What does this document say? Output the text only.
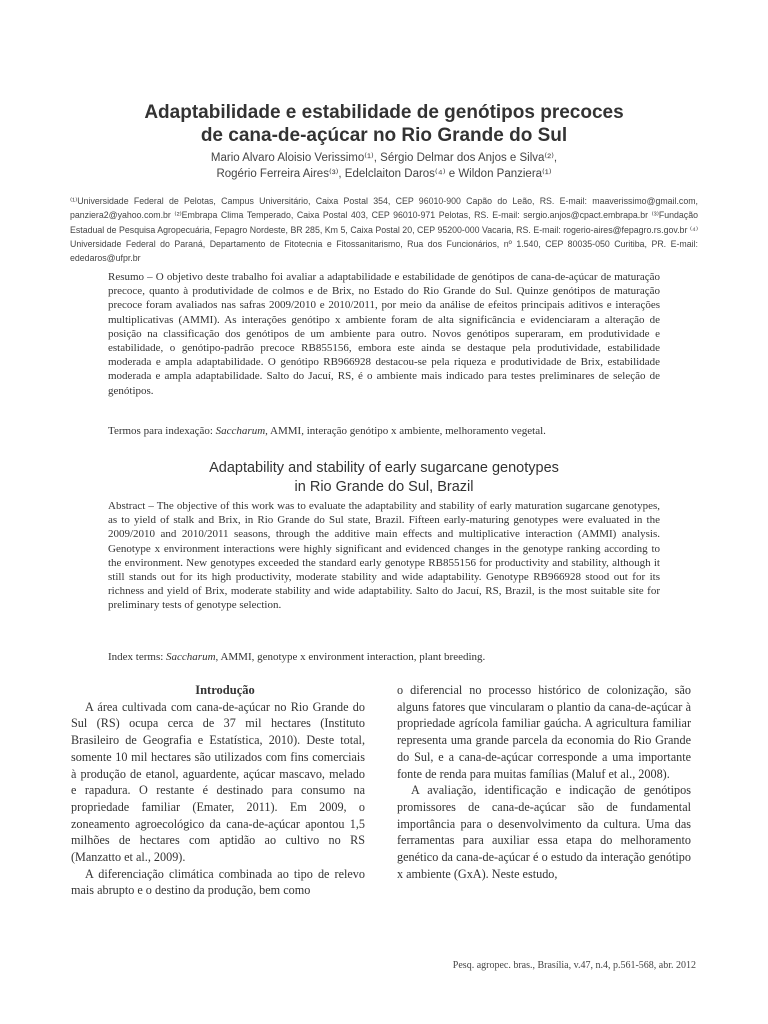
Adaptabilidade e estabilidade de genótipos precoces
de cana-de-açúcar no Rio Grande do Sul
Mario Alvaro Aloisio Verissimo⁽¹⁾, Sérgio Delmar dos Anjos e Silva⁽²⁾,
Rogério Ferreira Aires⁽³⁾, Edelclaiton Daros⁽⁴⁾ e Wildon Panziera⁽¹⁾
⁽¹⁾Universidade Federal de Pelotas, Campus Universitário, Caixa Postal 354, CEP 96010-900 Capão do Leão, RS. E-mail: maaverissimo@gmail.com, panziera2@yahoo.com.br ⁽²⁾Embrapa Clima Temperado, Caixa Postal 403, CEP 96010-971 Pelotas, RS. E-mail: sergio.anjos@cpact.embrapa.br ⁽³⁾Fundação Estadual de Pesquisa Agropecuária, Fepagro Nordeste, BR 285, Km 5, Caixa Postal 20, CEP 95200-000 Vacaria, RS. E-mail: rogerio-aires@fepagro.rs.gov.br ⁽⁴⁾Universidade Federal do Paraná, Departamento de Fitotecnia e Fitossanitarismo, Rua dos Funcionários, nº 1.540, CEP 80035-050 Curitiba, PR. E-mail: ededaros@ufpr.br
Resumo – O objetivo deste trabalho foi avaliar a adaptabilidade e estabilidade de genótipos de cana-de-açúcar de maturação precoce, quanto à produtividade de colmos e de Brix, no Estado do Rio Grande do Sul. Quinze genótipos de maturação precoce foram avaliados nas safras 2009/2010 e 2010/2011, por meio da análise de efeitos principais aditivos e interações multiplicativas (AMMI). As interações genótipo x ambiente foram de alta significância e evidenciaram a alteração de posição na classificação dos genótipos de um ambiente para outro. Novos genótipos superaram, em produtividade e estabilidade, o genótipo-padrão precoce RB855156, embora este ainda se destaque pela produtividade, estabilidade moderada e ampla adaptabilidade. O genótipo RB966928 destacou-se pela riqueza e produtividade de Brix, estabilidade moderada e ampla adaptabilidade. Salto do Jacuí, RS, é o ambiente mais indicado para testes preliminares de seleção de genótipos.
Termos para indexação: Saccharum, AMMI, interação genótipo x ambiente, melhoramento vegetal.
Adaptability and stability of early sugarcane genotypes
in Rio Grande do Sul, Brazil
Abstract – The objective of this work was to evaluate the adaptability and stability of early maturation sugarcane genotypes, as to yield of stalk and Brix, in Rio Grande do Sul state, Brazil. Fifteen early-maturing genotypes were evaluated in the 2009/2010 and 2010/2011 seasons, through the additive main effects and multiplicative interaction (AMMI) analysis. Genotype x environment interactions were highly significant and evidenced changes in the genotype ranking according to the environment. New genotypes exceeded the standard early genotype RB855156 for productivity and stability, although it still stands out for its high productivity, moderate stability and wide adaptability. Genotype RB966928 stood out for its richness and yield of Brix, moderate stability and wide adaptability. Salto do Jacuí, RS, Brazil, is the most suitable site for preliminary tests of genotype selection.
Index terms: Saccharum, AMMI, genotype x environment interaction, plant breeding.

Introdução

A área cultivada com cana-de-açúcar no Rio Grande do Sul (RS) ocupa cerca de 37 mil hectares (Instituto Brasileiro de Geografia e Estatística, 2010). Deste total, somente 10 mil hectares são utilizados com fins comerciais à produção de etanol, aguardente, açúcar mascavo, melado e rapadura. O restante é destinado para consumo na propriedade familiar (Emater, 2011). Em 2009, o zoneamento agroecológico da cana-de-açúcar apontou 1,5 milhões de hectares com aptidão ao cultivo no RS (Manzatto et al., 2009).

A diferenciação climática combinada ao tipo de relevo mais abrupto e o destino da produção, bem como

o diferencial no processo histórico de colonização, são alguns fatores que vincularam o plantio da cana-de-açúcar à propriedade agrícola familiar gaúcha. A agricultura familiar representa uma grande parcela da economia do Rio Grande do Sul, e a cana-de-açúcar corresponde a uma importante fonte de renda para muitas famílias (Maluf et al., 2008).

A avaliação, identificação e indicação de genótipos promissores de cana-de-açúcar são de fundamental importância para o desenvolvimento da cultura. Uma das ferramentas para auxiliar essa etapa do melhoramento genético da cana-de-açúcar é o estudo da interação genótipo x ambiente (GxA). Neste estudo,

Pesq. agropec. bras., Brasília, v.47, n.4, p.561-568, abr. 2012
